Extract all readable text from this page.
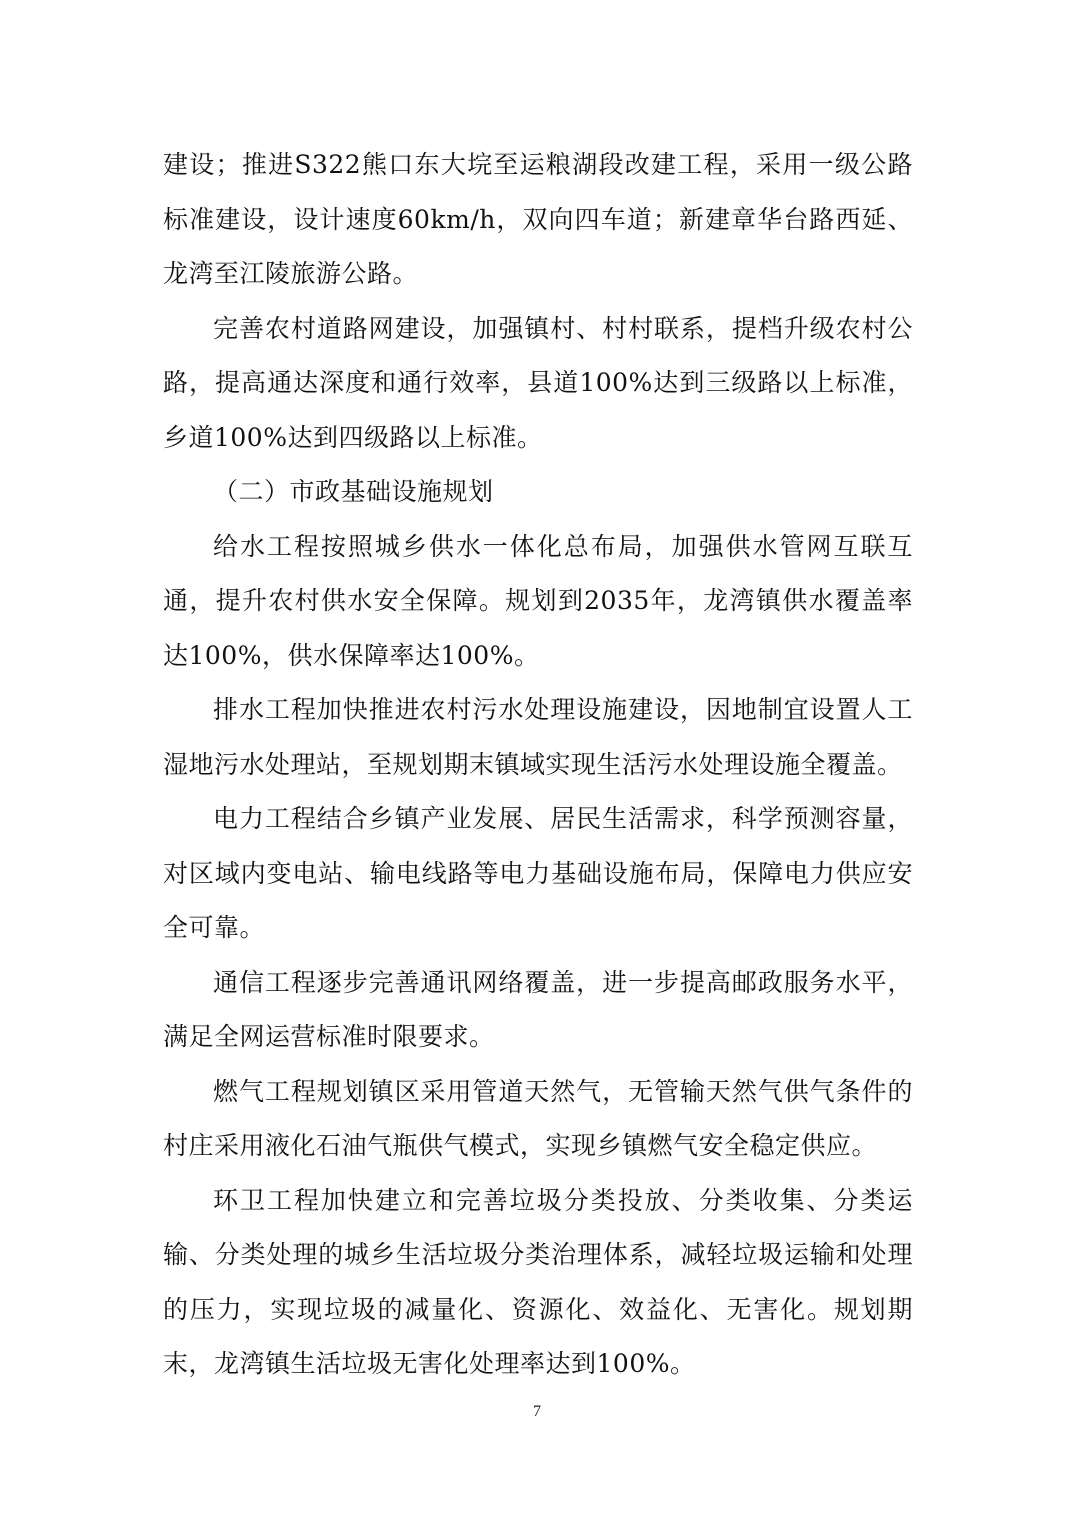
建设；推进S322熊口东大垸至运粮湖段改建工程，采用一级公路标准建设，设计速度60km/h，双向四车道；新建章华台路西延、龙湾至江陵旅游公路。

完善农村道路网建设，加强镇村、村村联系，提档升级农村公路，提高通达深度和通行效率，县道100%达到三级路以上标准，乡道100%达到四级路以上标准。

（二）市政基础设施规划

给水工程按照城乡供水一体化总布局，加强供水管网互联互通，提升农村供水安全保障。规划到2035年，龙湾镇供水覆盖率达100%，供水保障率达100%。

排水工程加快推进农村污水处理设施建设，因地制宜设置人工湿地污水处理站，至规划期末镇域实现生活污水处理设施全覆盖。

电力工程结合乡镇产业发展、居民生活需求，科学预测容量，对区域内变电站、输电线路等电力基础设施布局，保障电力供应安全可靠。

通信工程逐步完善通讯网络覆盖，进一步提高邮政服务水平，满足全网运营标准时限要求。

燃气工程规划镇区采用管道天然气，无管输天然气供气条件的村庄采用液化石油气瓶供气模式，实现乡镇燃气安全稳定供应。

环卫工程加快建立和完善垃圾分类投放、分类收集、分类运输、分类处理的城乡生活垃圾分类治理体系，减轻垃圾运输和处理的压力，实现垃圾的减量化、资源化、效益化、无害化。规划期末，龙湾镇生活垃圾无害化处理率达到100%。

7
